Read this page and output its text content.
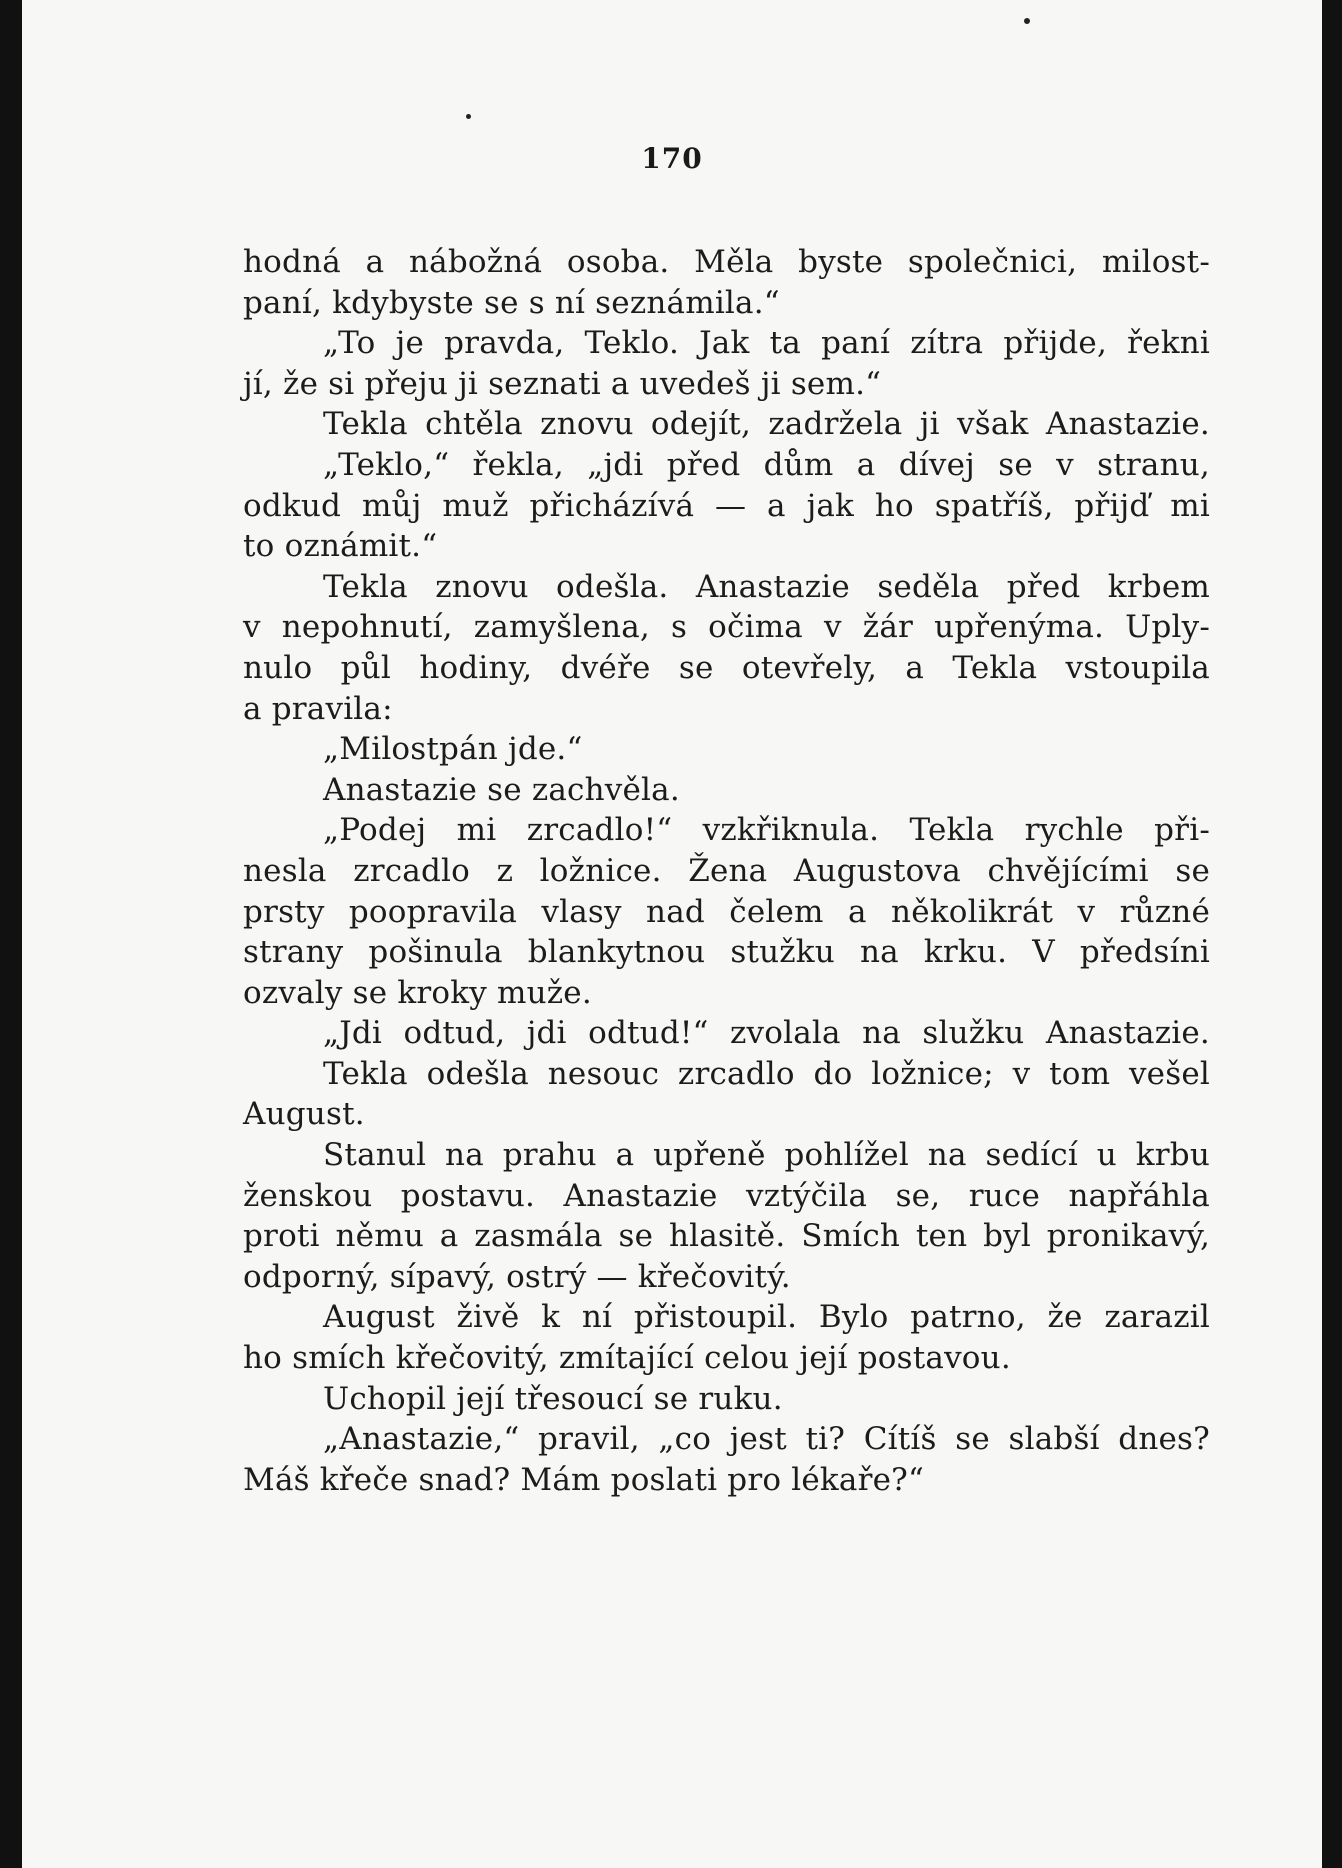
170
hodná a nábožná osoba. Měla byste společnici, milost-
paní, kdybyste se s ní seznámila.“
„To je pravda, Teklo. Jak ta paní zítra přijde, řekni
jí, že si přeju ji seznati a uvedeš ji sem.“
Tekla chtěla znovu odejít, zadržela ji však Anastazie.
„Teklo,“ řekla, „jdi před dům a dívej se v stranu,
odkud můj muž přicházívá — a jak ho spatříš, přijď mi
to oznámit.“
Tekla znovu odešla. Anastazie seděla před krbem
v nepohnutí, zamyšlena, s očima v žár upřenýma. Uply-
nulo půl hodiny, dvéře se otevřely, a Tekla vstoupila
a pravila:
„Milostpán jde.“
Anastazie se zachvěla.
„Podej mi zrcadlo!“ vzkřiknula. Tekla rychle při-
nesla zrcadlo z ložnice. Žena Augustova chvějícími se
prsty poopravila vlasy nad čelem a několikrát v různé
strany pošinula blankytnou stužku na krku. V předsíni
ozvaly se kroky muže.
„Jdi odtud, jdi odtud!“ zvolala na služku Anastazie.
Tekla odešla nesouc zrcadlo do ložnice; v tom vešel
August.
Stanul na prahu a upřeně pohlížel na sedící u krbu
ženskou postavu. Anastazie vztýčila se, ruce napřáhla
proti němu a zasmála se hlasitě. Smích ten byl pronikavý,
odporný, sípavý, ostrý — křečovitý.
August živě k ní přistoupil. Bylo patrno, že zarazil
ho smích křečovitý, zmítající celou její postavou.
Uchopil její třesoucí se ruku.
„Anastazie,“ pravil, „co jest ti? Cítíš se slabší dnes?
Máš křeče snad? Mám poslati pro lékaře?“
